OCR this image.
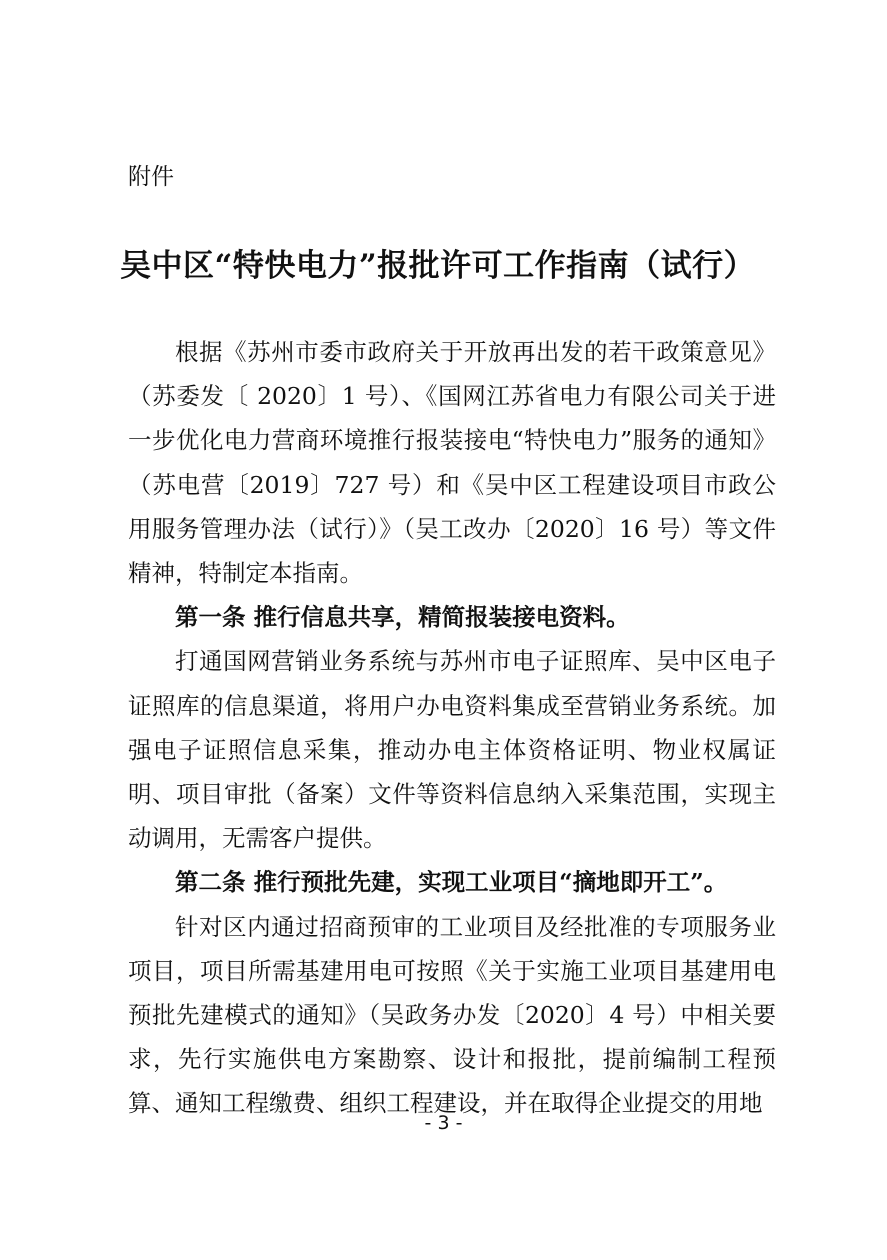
附件
吴中区“特快电力”报批许可工作指南（试行）

根据《苏州市委市政府关于开放再出发的若干政策意见》（苏委发〔 2020〕1 号）、《国网江苏省电力有限公司关于进一步优化电力营商环境推行报装接电“特快电力”服务的通知》（苏电营〔2019〕727 号）和《吴中区工程建设项目市政公用服务管理办法（试行）》（吴工改办〔2020〕16 号）等文件精神，特制定本指南。

第一条 推行信息共享，精简报装接电资料。

打通国网营销业务系统与苏州市电子证照库、吴中区电子证照库的信息渠道，将用户办电资料集成至营销业务系统。加强电子证照信息采集，推动办电主体资格证明、物业权属证明、项目审批（备案）文件等资料信息纳入采集范围，实现主动调用，无需客户提供。

第二条 推行预批先建，实现工业项目“摘地即开工”。

针对区内通过招商预审的工业项目及经批准的专项服务业项目，项目所需基建用电可按照《关于实施工业项目基建用电预批先建模式的通知》（吴政务办发〔2020〕4 号）中相关要求，先行实施供电方案勘察、设计和报批，提前编制工程预算、通知工程缴费、组织工程建设，并在取得企业提交的用地

- 3 -
